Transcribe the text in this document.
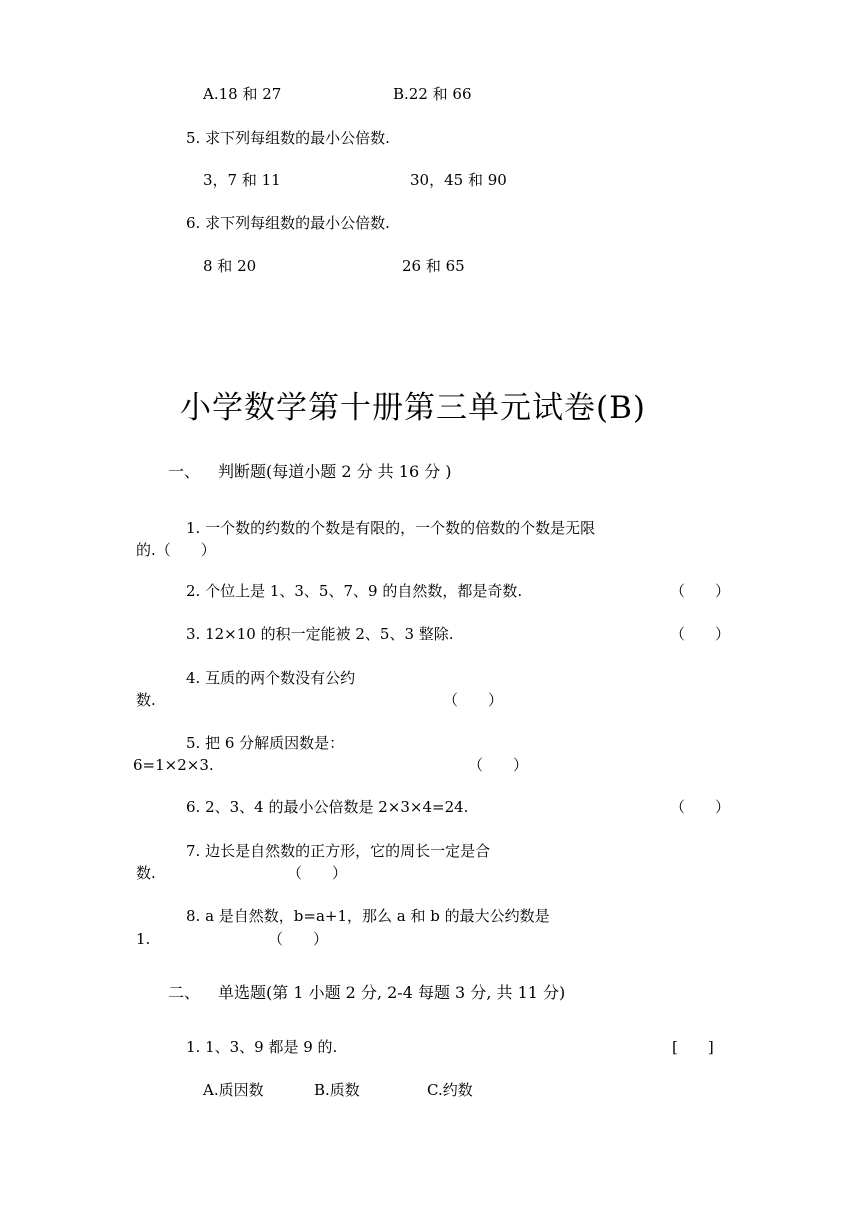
A.18 和 27	B.22 和 66
5. 求下列每组数的最小公倍数.
3，7 和 11	30，45 和 90
6. 求下列每组数的最小公倍数.
8 和 20	26 和 65
小学数学第十册第三单元试卷(B)
一、 判断题(每道小题 2 分 共 16 分 )
1. 一个数的约数的个数是有限的，一个数的倍数的个数是无限
的.（　　）
2. 个位上是 1、3、5、7、9 的自然数，都是奇数.	（　　）
3. 12×10 的积一定能被 2、5、3 整除.	（　　）
4. 互质的两个数没有公约
数.	（　　）
5. 把 6 分解质因数是：
6=1×2×3.	（　　）
6. 2、3、4 的最小公倍数是 2×3×4=24.	（　　）
7. 边长是自然数的正方形，它的周长一定是合
数.	（　　）
8. a 是自然数，b=a+1，那么 a 和 b 的最大公约数是
1.	（　　）
二、 单选题(第 1 小题 2 分, 2-4 每题 3 分, 共 11 分)
1. 1、3、9 都是 9 的.	[　　]
A.质因数	B.质数	C.约数
